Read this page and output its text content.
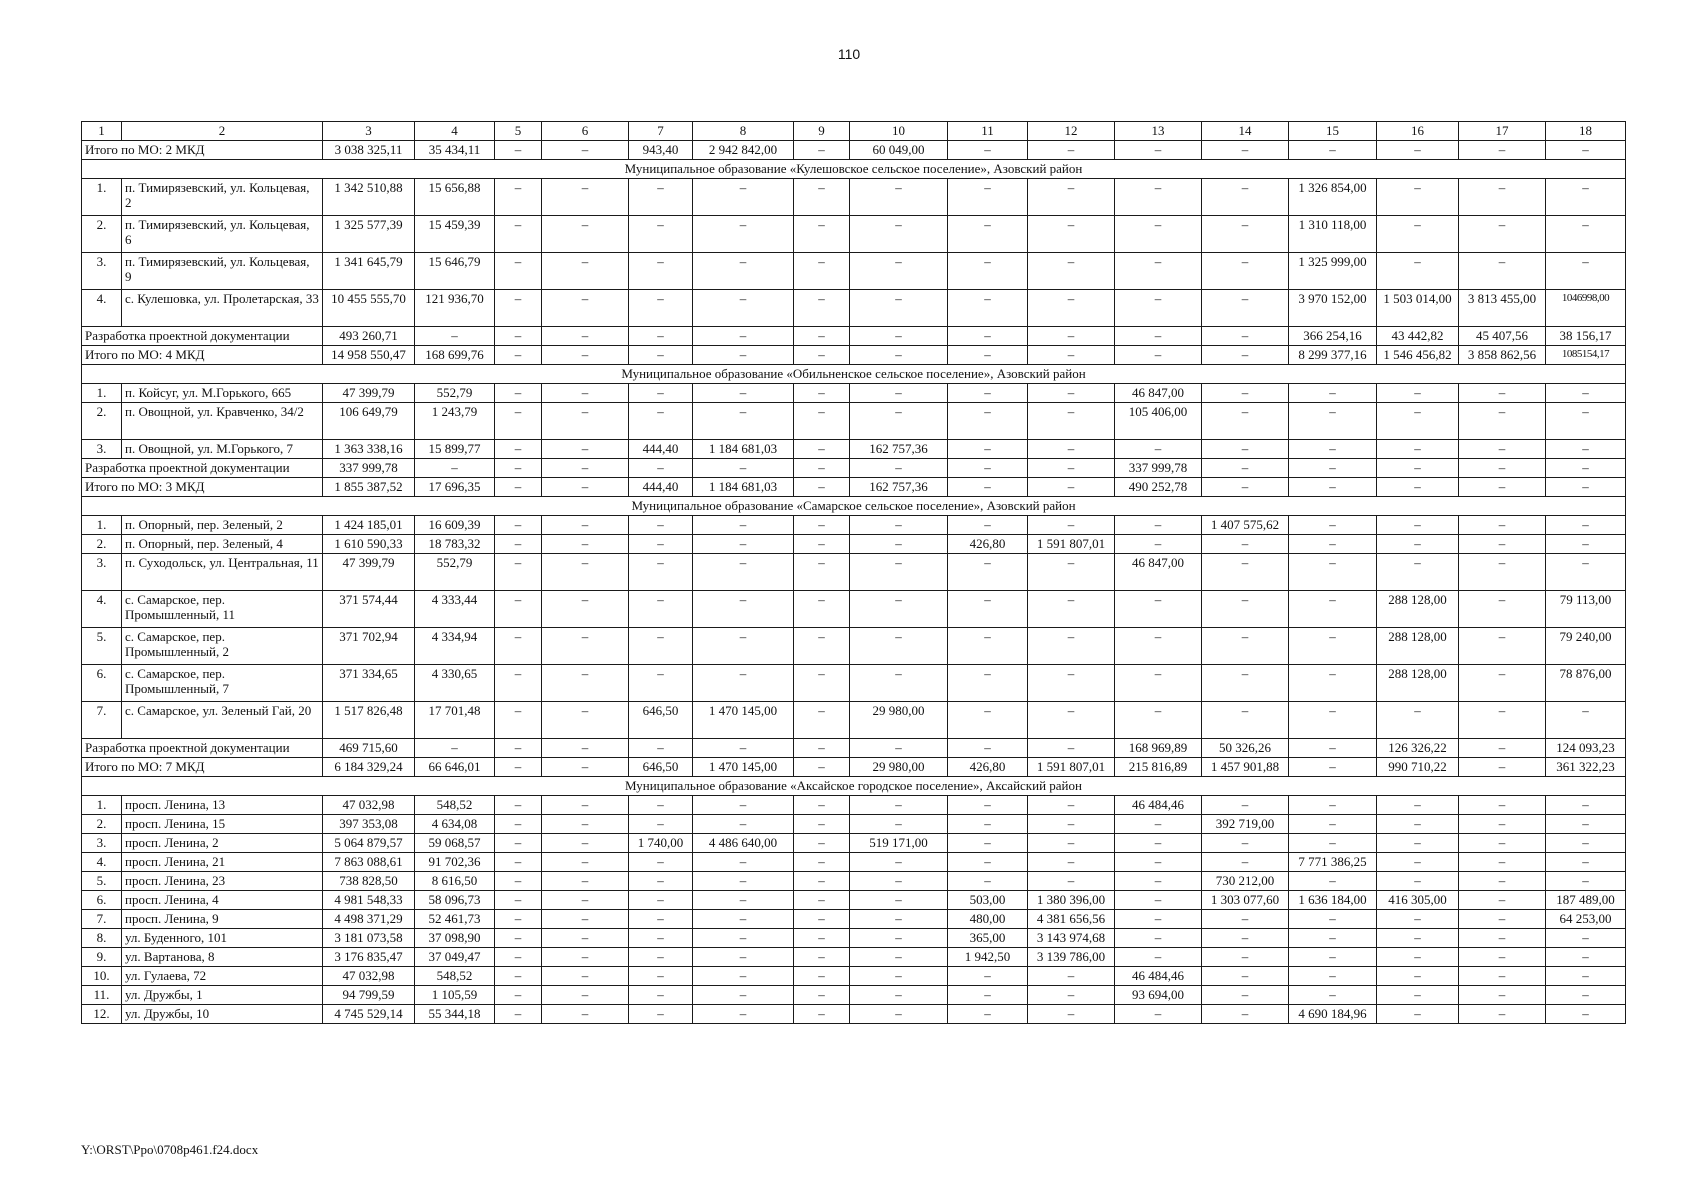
110
1	2	3	4	5	6	7	8	9	10	11	12	13	14	15	16	17	18
Итого по МО: 2 МКД		3 038 325,11	35 434,11	–	–	943,40	2 942 842,00	–	60 049,00	–	–	–	–	–	–	–	–
Муниципальное образование «Кулешовское сельское поселение», Азовский район																	
1.	п. Тимирязевский, ул. Кольцевая, 2	1 342 510,88	15 656,88	–	–	–	–	–	–	–	–	–	–	1 326 854,00	–	–	–
2.	п. Тимирязевский, ул. Кольцевая, 6	1 325 577,39	15 459,39	–	–	–	–	–	–	–	–	–	–	1 310 118,00	–	–	–
3.	п. Тимирязевский, ул. Кольцевая, 9	1 341 645,79	15 646,79	–	–	–	–	–	–	–	–	–	–	1 325 999,00	–	–	–
4.	с. Кулешовка, ул. Пролетарская, 33	10 455 555,70	121 936,70	–	–	–	–	–	–	–	–	–	–	3 970 152,00	1 503 014,00	3 813 455,00	1046998,00
Разработка проектной документации		493 260,71	–	–	–	–	–	–	–	–	–	–	–	366 254,16	43 442,82	45 407,56	38 156,17
Итого по МО: 4 МКД		14 958 550,47	168 699,76	–	–	–	–	–	–	–	–	–	–	8 299 377,16	1 546 456,82	3 858 862,56	1085154,17
Муниципальное образование «Обильненское сельское поселение», Азовский район																	
1.	п. Койсуг, ул. М.Горького, 665	47 399,79	552,79	–	–	–	–	–	–	–	–	46 847,00	–	–	–	–	–
2.	п. Овощной, ул. Кравченко, 34/2	106 649,79	1 243,79	–	–	–	–	–	–	–	–	105 406,00	–	–	–	–	–
3.	п. Овощной, ул. М.Горького, 7	1 363 338,16	15 899,77	–	–	444,40	1 184 681,03	–	162 757,36	–	–	–	–	–	–	–	–
Разработка проектной документации		337 999,78	–	–	–	–	–	–	–	–	–	337 999,78	–	–	–	–	–
Итого по МО: 3 МКД		1 855 387,52	17 696,35	–	–	444,40	1 184 681,03	–	162 757,36	–	–	490 252,78	–	–	–	–	–
Муниципальное образование «Самарское сельское поселение», Азовский район																	
1.	п. Опорный, пер. Зеленый, 2	1 424 185,01	16 609,39	–	–	–	–	–	–	–	–	–	1 407 575,62	–	–	–	–
2.	п. Опорный, пер. Зеленый, 4	1 610 590,33	18 783,32	–	–	–	–	–	–	426,80	1 591 807,01	–	–	–	–	–	–
3.	п. Суходольск, ул. Центральная, 11	47 399,79	552,79	–	–	–	–	–	–	–	–	46 847,00	–	–	–	–	–
4.	с. Самарское, пер. Промышленный, 11	371 574,44	4 333,44	–	–	–	–	–	–	–	–	–	–	–	288 128,00	–	79 113,00
5.	с. Самарское, пер. Промышленный, 2	371 702,94	4 334,94	–	–	–	–	–	–	–	–	–	–	–	288 128,00	–	79 240,00
6.	с. Самарское, пер. Промышленный, 7	371 334,65	4 330,65	–	–	–	–	–	–	–	–	–	–	–	288 128,00	–	78 876,00
7.	с. Самарское, ул. Зеленый Гай, 20	1 517 826,48	17 701,48	–	–	646,50	1 470 145,00	–	29 980,00	–	–	–	–	–	–	–	–
Разработка проектной документации		469 715,60	–	–	–	–	–	–	–	–	–	168 969,89	50 326,26	–	126 326,22	–	124 093,23
Итого по МО: 7 МКД		6 184 329,24	66 646,01	–	–	646,50	1 470 145,00	–	29 980,00	426,80	1 591 807,01	215 816,89	1 457 901,88	–	990 710,22	–	361 322,23
Муниципальное образование «Аксайское городское поселение», Аксайский район																	
1.	просп. Ленина, 13	47 032,98	548,52	–	–	–	–	–	–	–	–	46 484,46	–	–	–	–	–
2.	просп. Ленина, 15	397 353,08	4 634,08	–	–	–	–	–	–	–	–	–	392 719,00	–	–	–	–
3.	просп. Ленина, 2	5 064 879,57	59 068,57	–	–	1 740,00	4 486 640,00	–	519 171,00	–	–	–	–	–	–	–	–
4.	просп. Ленина, 21	7 863 088,61	91 702,36	–	–	–	–	–	–	–	–	–	–	7 771 386,25	–	–	–
5.	просп. Ленина, 23	738 828,50	8 616,50	–	–	–	–	–	–	–	–	–	730 212,00	–	–	–	–
6.	просп. Ленина, 4	4 981 548,33	58 096,73	–	–	–	–	–	–	503,00	1 380 396,00	–	1 303 077,60	1 636 184,00	416 305,00	–	187 489,00
7.	просп. Ленина, 9	4 498 371,29	52 461,73	–	–	–	–	–	–	480,00	4 381 656,56	–	–	–	–	–	64 253,00
8.	ул. Буденного, 101	3 181 073,58	37 098,90	–	–	–	–	–	–	365,00	3 143 974,68	–	–	–	–	–	–
9.	ул. Вартанова, 8	3 176 835,47	37 049,47	–	–	–	–	–	–	1 942,50	3 139 786,00	–	–	–	–	–	–
10.	ул. Гулаева, 72	47 032,98	548,52	–	–	–	–	–	–	–	–	46 484,46	–	–	–	–	–
11.	ул. Дружбы, 1	94 799,59	1 105,59	–	–	–	–	–	–	–	–	93 694,00	–	–	–	–	–
12.	ул. Дружбы, 10	4 745 529,14	55 344,18	–	–	–	–	–	–	–	–	–	–	4 690 184,96	–	–	–
Y:\ORST\Ppo\0708p461.f24.docx
